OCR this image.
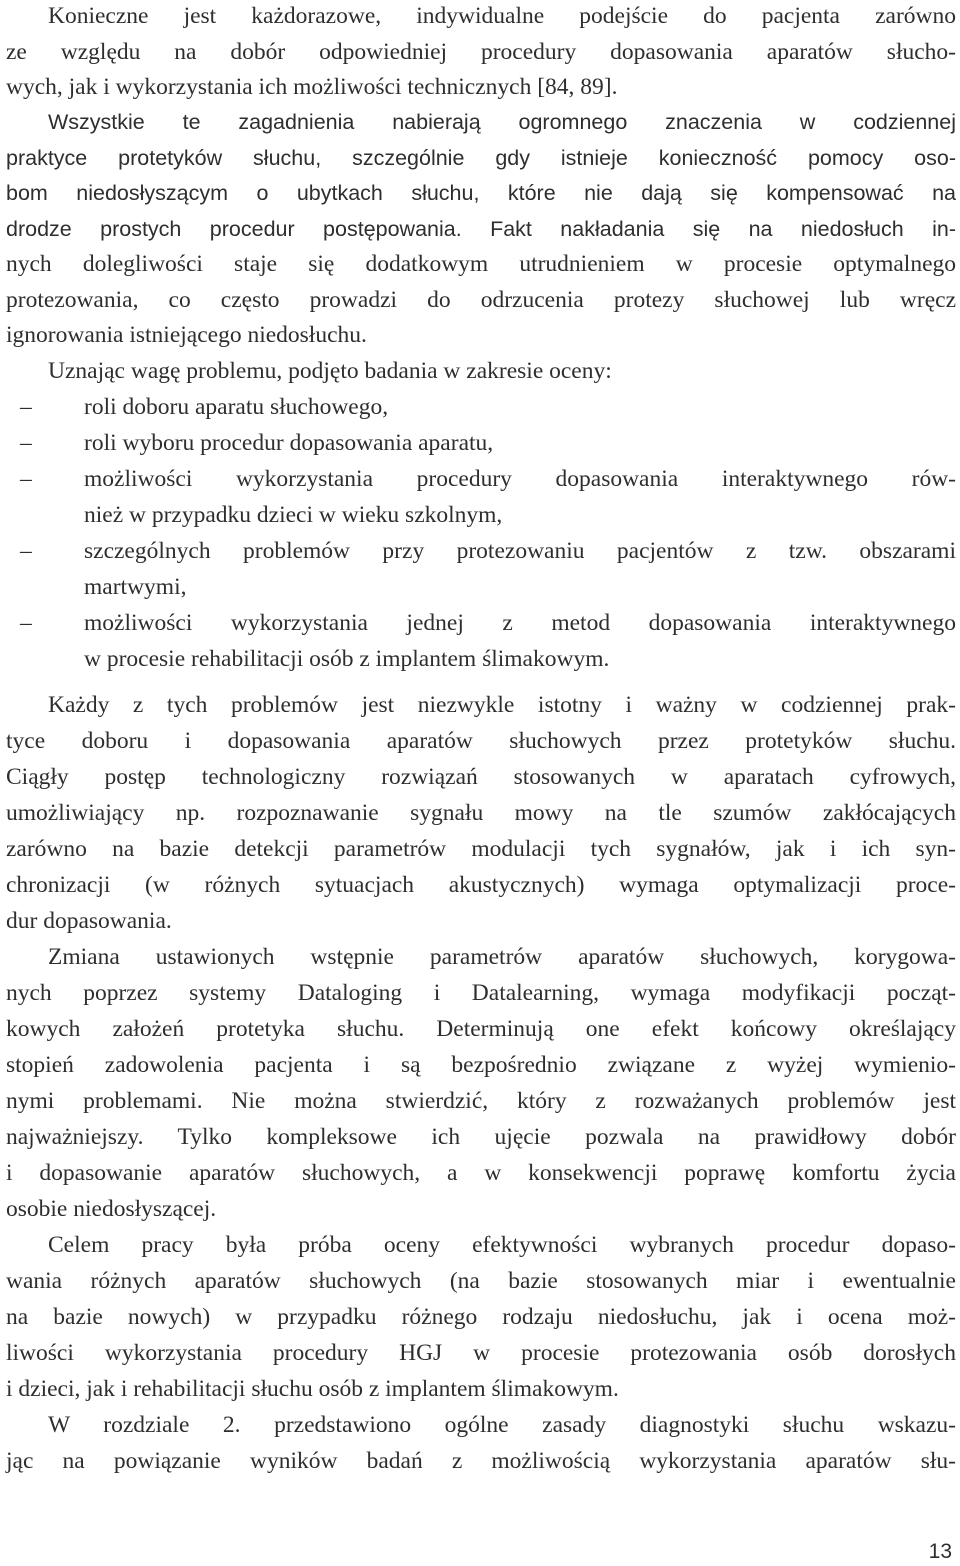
Konieczne jest każdorazowe, indywidualne podejście do pacjenta zarówno
ze względu na dobór odpowiedniej procedury dopasowania aparatów słucho-
wych, jak i wykorzystania ich możliwości technicznych [84, 89].
Wszystkie te zagadnienia nabierają ogromnego znaczenia w codziennej
praktyce protetyków słuchu, szczególnie gdy istnieje konieczność pomocy oso-
bom niedosłyszącym o ubytkach słuchu, które nie dają się kompensować na
drodze prostych procedur postępowania. Fakt nakładania się na niedosłuch in-
nych dolegliwości staje się dodatkowym utrudnieniem w procesie optymalnego
protezowania, co często prowadzi do odrzucenia protezy słuchowej lub wręcz
ignorowania istniejącego niedosłuchu.
Uznając wagę problemu, podjęto badania w zakresie oceny:
–	roli doboru aparatu słuchowego,
–	roli wyboru procedur dopasowania aparatu,
–	możliwości wykorzystania procedury dopasowania interaktywnego rów-
nież w przypadku dzieci w wieku szkolnym,
–	szczególnych problemów przy protezowaniu pacjentów z tzw. obszarami
martwymi,
–	możliwości wykorzystania jednej z metod dopasowania interaktywnego
w procesie rehabilitacji osób z implantem ślimakowym.
Każdy z tych problemów jest niezwykle istotny i ważny w codziennej prak-
tyce doboru i dopasowania aparatów słuchowych przez protetyków słuchu.
Ciągły postęp technologiczny rozwiązań stosowanych w aparatach cyfrowych,
umożliwiający np. rozpoznawanie sygnału mowy na tle szumów zakłócających
zarówno na bazie detekcji parametrów modulacji tych sygnałów, jak i ich syn-
chronizacji (w różnych sytuacjach akustycznych) wymaga optymalizacji proce-
dur dopasowania.
Zmiana ustawionych wstępnie parametrów aparatów słuchowych, korygowa-
nych poprzez systemy Dataloging i Datalearning, wymaga modyfikacji począt-
kowych założeń protetyka słuchu. Determinują one efekt końcowy określający
stopień zadowolenia pacjenta i są bezpośrednio związane z wyżej wymienio-
nymi problemami. Nie można stwierdzić, który z rozważanych problemów jest
najważniejszy. Tylko kompleksowe ich ujęcie pozwala na prawidłowy dobór
i dopasowanie aparatów słuchowych, a w konsekwencji poprawę komfortu życia
osobie niedosłyszącej.
Celem pracy była próba oceny efektywności wybranych procedur dopaso-
wania różnych aparatów słuchowych (na bazie stosowanych miar i ewentualnie
na bazie nowych) w przypadku różnego rodzaju niedosłuchu, jak i ocena moż-
liwości wykorzystania procedury HGJ w procesie protezowania osób dorosłych
i dzieci, jak i rehabilitacji słuchu osób z implantem ślimakowym.
W rozdziale 2. przedstawiono ogólne zasady diagnostyki słuchu wskazu-
jąc na powiązanie wyników badań z możliwością wykorzystania aparatów słu-
13
